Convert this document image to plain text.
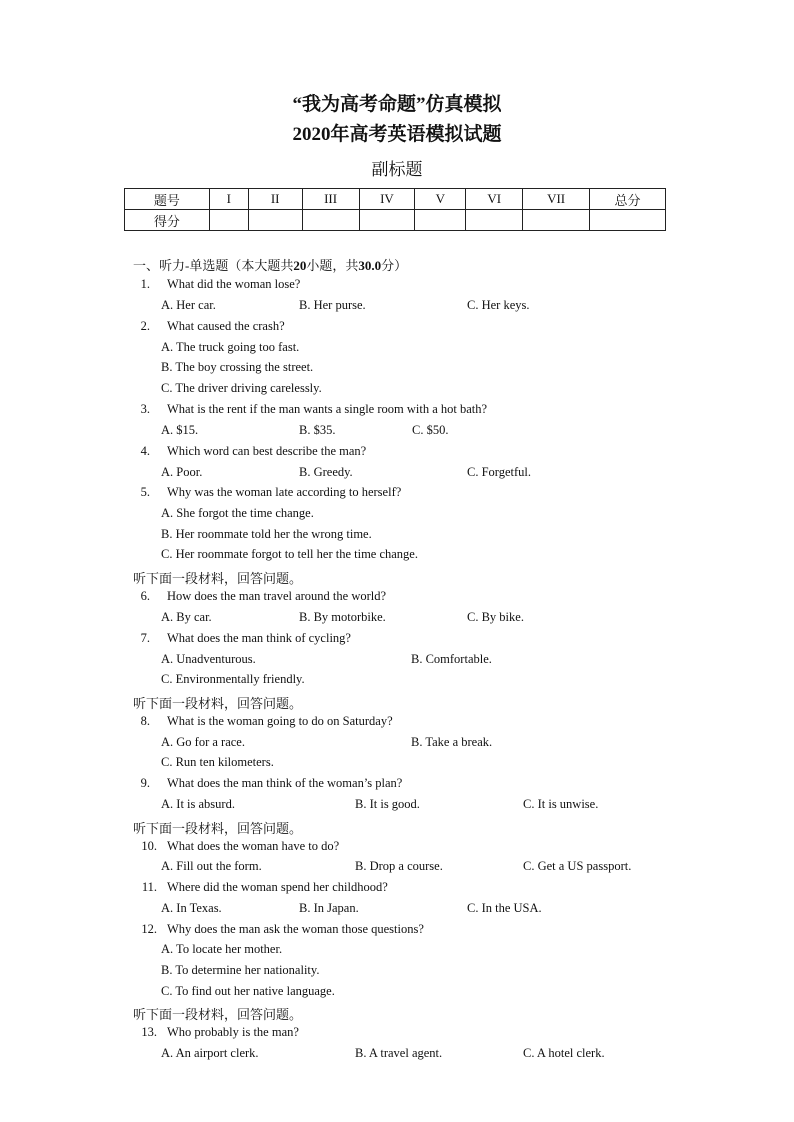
“我为高考命题”仿真模拟
2020年高考英语模拟试题
副标题
题号	I	II	III	IV	V	VI	VII	总分
得分								
一、听力-单选题（本大题共20小题，共30.0分）
1. What did the woman lose?
A. Her car.	B. Her purse.	C. Her keys.
2. What caused the crash?
A. The truck going too fast.
B. The boy crossing the street.
C. The driver driving carelessly.
3. What is the rent if the man wants a single room with a hot bath?
A. $15.	B. $35.	C. $50.
4. Which word can best describe the man?
A. Poor.	B. Greedy.	C. Forgetful.
5. Why was the woman late according to herself?
A. She forgot the time change.
B. Her roommate told her the wrong time.
C. Her roommate forgot to tell her the time change.
听下面一段材料，回答问题。
6. How does the man travel around the world?
A. By car.	B. By motorbike.	C. By bike.
7. What does the man think of cycling?
A. Unadventurous.	B. Comfortable.
C. Environmentally friendly.
听下面一段材料，回答问题。
8. What is the woman going to do on Saturday?
A. Go for a race.	B. Take a break.
C. Run ten kilometers.
9. What does the man think of the woman’s plan?
A. It is absurd.	B. It is good.	C. It is unwise.
听下面一段材料，回答问题。
10. What does the woman have to do?
A. Fill out the form.	B. Drop a course.	C. Get a US passport.
11. Where did the woman spend her childhood?
A. In Texas.	B. In Japan.	C. In the USA.
12. Why does the man ask the woman those questions?
A. To locate her mother.
B. To determine her nationality.
C. To find out her native language.
听下面一段材料，回答问题。
13. Who probably is the man?
A. An airport clerk.	B. A travel agent.	C. A hotel clerk.
